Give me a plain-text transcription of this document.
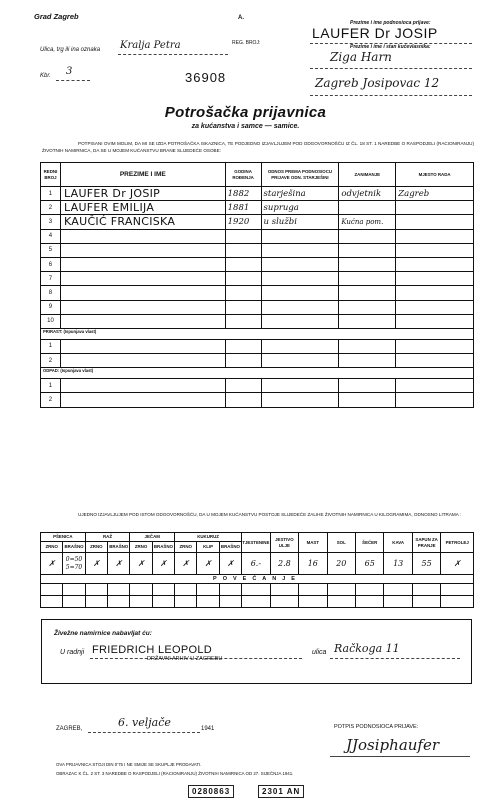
Grad Zagreb	A.
REG. BROJ:
Ulica, trg ili ina oznaka Kralja Petra
Kbr. 3	36908
Prezime i ime podnosioca prijave:
LAUFER Dr JOSIP
Prezime i ime i stan kućevlasnika:
Ziga Harn
Zagreb Josipovac 12
Potrošačka prijavnica
za kućanstva i samce — samice.
POTPISANI OVIM MOLIM, DA MI SE IZDA POTROŠAČKA ISKAZNICA, TE PODJEDNO IZJAVLJUJEM POD ODGOVORNOŠĆU IZ ČL. 18 ST. 1 NAREDBE O RASPODJELI (RACIONIRANJU) ŽIVOTNIH NAMIRNICA, DA SE U MOJEM KUĆANSTVU BRANE SLIJEDEĆE OSOBE:
REDNI BROJ	PREZIME I IME	GODINA ROĐENJA	ODNOS PREMA PODNOSIOCU PRIJAVE ODN. STARJEŠINI	ZANIMANJE	MJESTO RADA
1	LAUFER Dr JOSIP	1882	starješina	odvjetnik	Zagreb
2	LAUFER EMILIJA	1881	supruga		
3	KAUČIĆ FRANCISKA	1920	u službi	Kućna pom.	
4					
5					
6					
7					
8					
9					
10					
PRIRAST: (Ispunjava vlast)					
1					
2					
ODPAD: (Ispunjava vlast)					
1					
2					
UJEDNO IZJAVLJUJEM POD ISTOM ODGOVORNOŠĆU, DA U MOJEM KUĆANSTVU POSTOJE SLIJEDEĆE ZALIHE ŽIVOTNIH NAMIRNICA U KILOGRAMIMA, ODNOSNO LITRAMA :
PŠENICA		RAŽ		JEČAM		KUKURUZ			TJESTENINE	JESTIVO ULJE	MAST	SOL	ŠEĆER	KAVA	SAPUN ZA PRANJE	PETROLEJ
ZRNO	BRAŠNO	ZRNO	BRAŠNO	ZRNO	BRAŠNO	ZRNO	KLIP	BRAŠNO								
✗	0=50
5=70	✗	✗	✗	✗	✗	✗	✗	6.-	2.8	16	20	65	13	55	✗
POVEĆANJE																

Živežne namirnice nabavljat ću:
U radnji FRIEDRICH LEOPOLD	ulica Račkoga 11
DRŽAVNI ARHIV U ZAGREBU
ZAGREB,	6. veljače	1941	POTPIS PODNOSIOCA PRIJAVE:
JJosiphaufer
OVA PRIJAVNICA STOJI DIN 0'75 I NE SMIJE SE SKUPLJE PRODAVATI.
OBRAZAC K ČL. 2 ST. 3 NAREDBE O RASPODJELI (RACIONIRANJU) ŽIVOTNIH NAMIRNICA OD 27. SIJEČNJA 1941.
0280863	2301 AN
